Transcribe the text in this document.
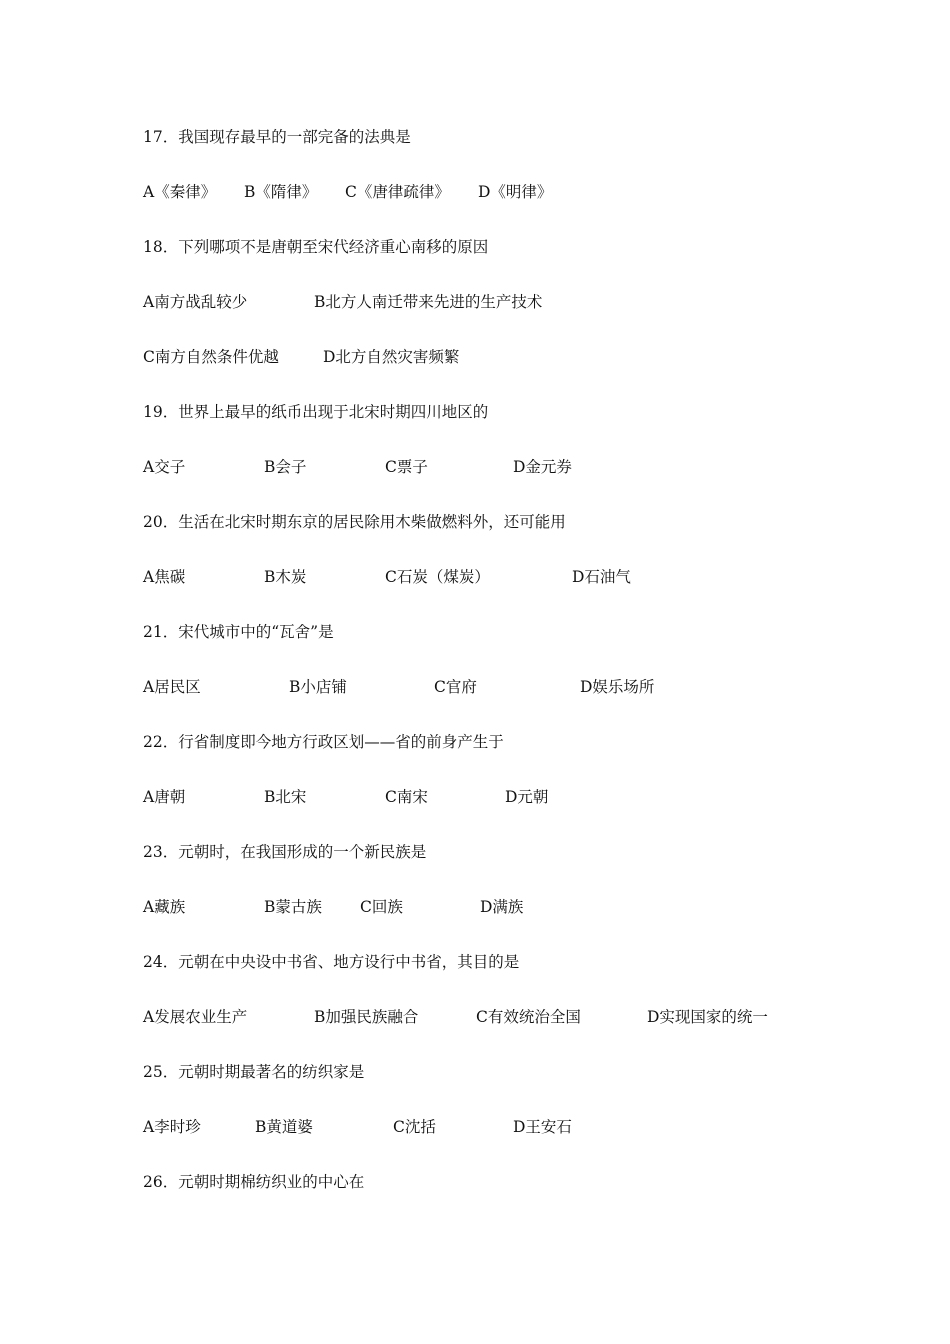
17．我国现存最早的一部完备的法典是
A《秦律》 B《隋律》 C《唐律疏律》 D《明律》
18．下列哪项不是唐朝至宋代经济重心南移的原因
A南方战乱较少	B北方人南迁带来先进的生产技术
C南方自然条件优越	D北方自然灾害频繁
19．世界上最早的纸币出现于北宋时期四川地区的
A交子	B会子	C票子	D金元券
20．生活在北宋时期东京的居民除用木柴做燃料外，还可能用
A焦碳	B木炭	C石炭（煤炭）	D石油气
21．宋代城市中的“瓦舍”是
A居民区	B小店铺	C官府	D娱乐场所
22．行省制度即今地方行政区划——省的前身产生于
A唐朝	B北宋	C南宋	D元朝
23．元朝时，在我国形成的一个新民族是
A藏族	B蒙古族 C回族	D满族
24．元朝在中央设中书省、地方设行中书省，其目的是
A发展农业生产	B加强民族融合	C有效统治全国	D实现国家的统一
25．元朝时期最著名的纺织家是
A李时珍	B黄道婆	C沈括	D王安石
26．元朝时期棉纺织业的中心在
